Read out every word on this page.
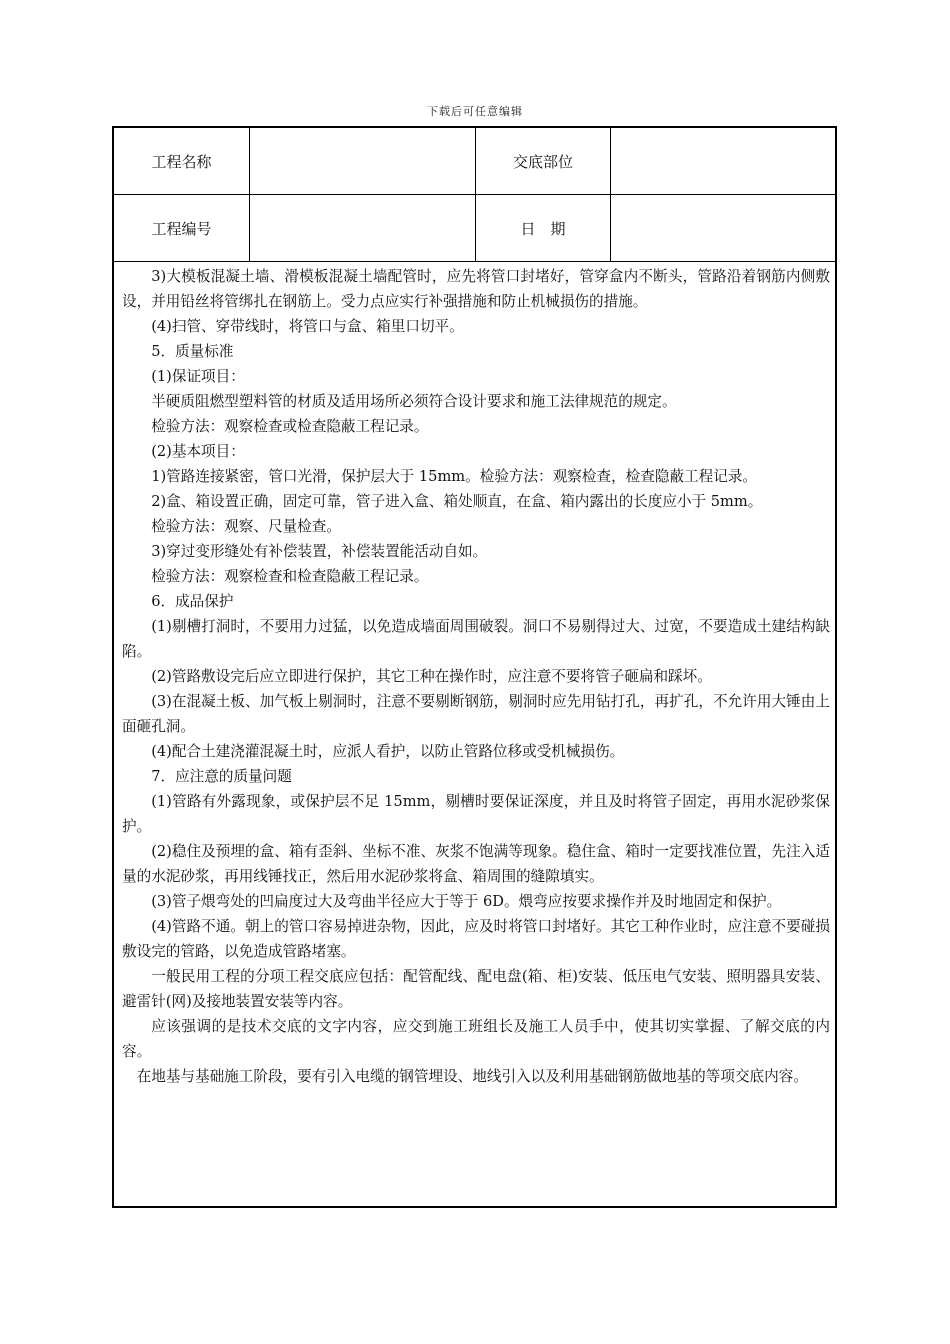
下载后可任意编辑
工程名称	交底部位
工程编号	日　期

3)大模板混凝土墙、滑模板混凝土墙配管时，应先将管口封堵好，管穿盒内不断头，管路沿着钢筋内侧敷设，并用铅丝将管绑扎在钢筋上。受力点应实行补强措施和防止机械损伤的措施。

(4)扫管、穿带线时，将管口与盒、箱里口切平。

5．质量标准

(1)保证项目：

半硬质阻燃型塑料管的材质及适用场所必须符合设计要求和施工法律规范的规定。

检验方法：观察检查或检查隐蔽工程记录。

(2)基本项目：

1)管路连接紧密，管口光滑，保护层大于 15mm。检验方法：观察检查，检查隐蔽工程记录。

2)盒、箱设置正确，固定可靠，管子进入盒、箱处顺直，在盒、箱内露出的长度应小于 5mm。

检验方法：观察、尺量检查。

3)穿过变形缝处有补偿装置，补偿装置能活动自如。

检验方法：观察检查和检查隐蔽工程记录。

6．成品保护

(1)剔槽打洞时，不要用力过猛，以免造成墙面周围破裂。洞口不易剔得过大、过宽，不要造成土建结构缺陷。

(2)管路敷设完后应立即进行保护，其它工种在操作时，应注意不要将管子砸扁和踩坏。

(3)在混凝土板、加气板上剔洞时，注意不要剔断钢筋，剔洞时应先用钻打孔，再扩孔，不允许用大锤由上面砸孔洞。

(4)配合土建浇灌混凝土时，应派人看护，以防止管路位移或受机械损伤。

7．应注意的质量问题

(1)管路有外露现象，或保护层不足 15mm，剔槽时要保证深度，并且及时将管子固定，再用水泥砂浆保护。

(2)稳住及预埋的盒、箱有歪斜、坐标不准、灰浆不饱满等现象。稳住盒、箱时一定要找准位置，先注入适量的水泥砂浆，再用线锤找正，然后用水泥砂浆将盒、箱周围的缝隙填实。

(3)管子煨弯处的凹扁度过大及弯曲半径应大于等于 6D。煨弯应按要求操作并及时地固定和保护。

(4)管路不通。朝上的管口容易掉进杂物，因此，应及时将管口封堵好。其它工种作业时，应注意不要碰损敷设完的管路，以免造成管路堵塞。

一般民用工程的分项工程交底应包括：配管配线、配电盘(箱、柜)安装、低压电气安装、照明器具安装、避雷针(网)及接地装置安装等内容。

应该强调的是技术交底的文字内容，应交到施工班组长及施工人员手中，使其切实掌握、了解交底的内容。

在地基与基础施工阶段，要有引入电缆的钢管埋设、地线引入以及利用基础钢筋做地基的等项交底内容。
